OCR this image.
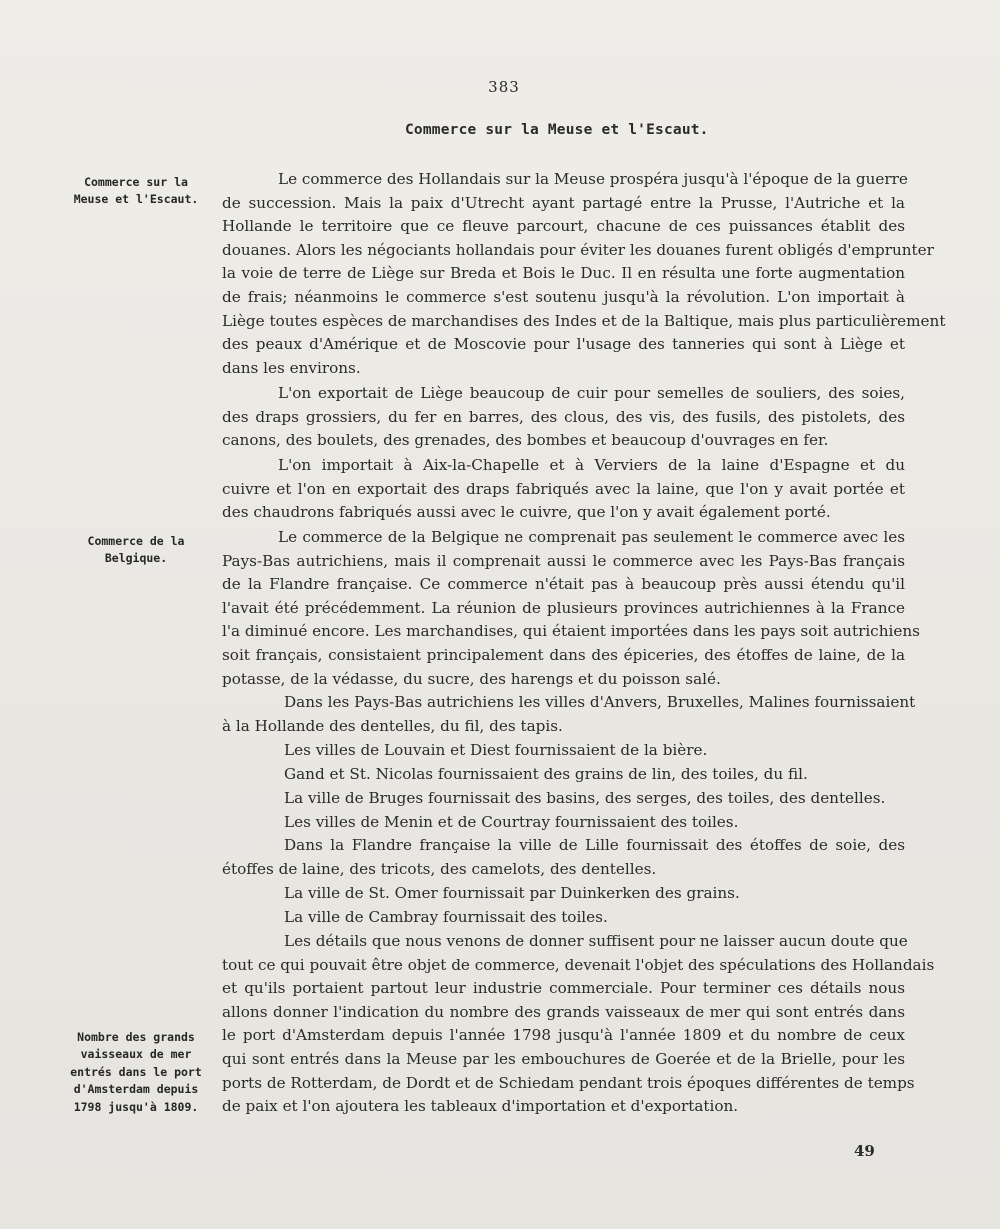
383
Commerce sur la Meuse et l'Escaut.
Commerce sur la
Meuse et l'Escaut.
Commerce de la
Belgique.
Nombre des grands
vaisseaux de mer
entrés dans le port
d'Amsterdam depuis
1798 jusqu'à 1809.
Le commerce des Hollandais sur la Meuse prospéra jusqu'à l'époque de la guerre
de succession. Mais la paix d'Utrecht ayant partagé entre la Prusse, l'Autriche et la
Hollande le territoire que ce fleuve parcourt, chacune de ces puissances établit des
douanes. Alors les négociants hollandais pour éviter les douanes furent obligés d'emprunter
la voie de terre de Liège sur Breda et Bois le Duc. Il en résulta une forte augmentation
de frais; néanmoins le commerce s'est soutenu jusqu'à la révolution. L'on importait à
Liège toutes espèces de marchandises des Indes et de la Baltique, mais plus particulièrement
des peaux d'Amérique et de Moscovie pour l'usage des tanneries qui sont à Liège et
dans les environs.
L'on exportait de Liège beaucoup de cuir pour semelles de souliers, des soies,
des draps grossiers, du fer en barres, des clous, des vis, des fusils, des pistolets, des
canons, des boulets, des grenades, des bombes et beaucoup d'ouvrages en fer.
L'on importait à Aix-la-Chapelle et à Verviers de la laine d'Espagne et du
cuivre et l'on en exportait des draps fabriqués avec la laine, que l'on y avait portée et
des chaudrons fabriqués aussi avec le cuivre, que l'on y avait également porté.
Le commerce de la Belgique ne comprenait pas seulement le commerce avec les
Pays-Bas autrichiens, mais il comprenait aussi le commerce avec les Pays-Bas français
de la Flandre française. Ce commerce n'était pas à beaucoup près aussi étendu qu'il
l'avait été précédemment. La réunion de plusieurs provinces autrichiennes à la France
l'a diminué encore. Les marchandises, qui étaient importées dans les pays soit autrichiens
soit français, consistaient principalement dans des épiceries, des étoffes de laine, de la
potasse, de la védasse, du sucre, des harengs et du poisson salé.
Dans les Pays-Bas autrichiens les villes d'Anvers, Bruxelles, Malines fournissaient
à la Hollande des dentelles, du fil, des tapis.
Les villes de Louvain et Diest fournissaient de la bière.
Gand et St. Nicolas fournissaient des grains de lin, des toiles, du fil.
La ville de Bruges fournissait des basins, des serges, des toiles, des dentelles.
Les villes de Menin et de Courtray fournissaient des toiles.
Dans la Flandre française la ville de Lille fournissait des étoffes de soie, des
étoffes de laine, des tricots, des camelots, des dentelles.
La ville de St. Omer fournissait par Duinkerken des grains.
La ville de Cambray fournissait des toiles.
Les détails que nous venons de donner suffisent pour ne laisser aucun doute que
tout ce qui pouvait être objet de commerce, devenait l'objet des spéculations des Hollandais
et qu'ils portaient partout leur industrie commerciale. Pour terminer ces détails nous
allons donner l'indication du nombre des grands vaisseaux de mer qui sont entrés dans
le port d'Amsterdam depuis l'année 1798 jusqu'à l'année 1809 et du nombre de ceux
qui sont entrés dans la Meuse par les embouchures de Goerée et de la Brielle, pour les
ports de Rotterdam, de Dordt et de Schiedam pendant trois époques différentes de temps
de paix et l'on ajoutera les tableaux d'importation et d'exportation.
49
